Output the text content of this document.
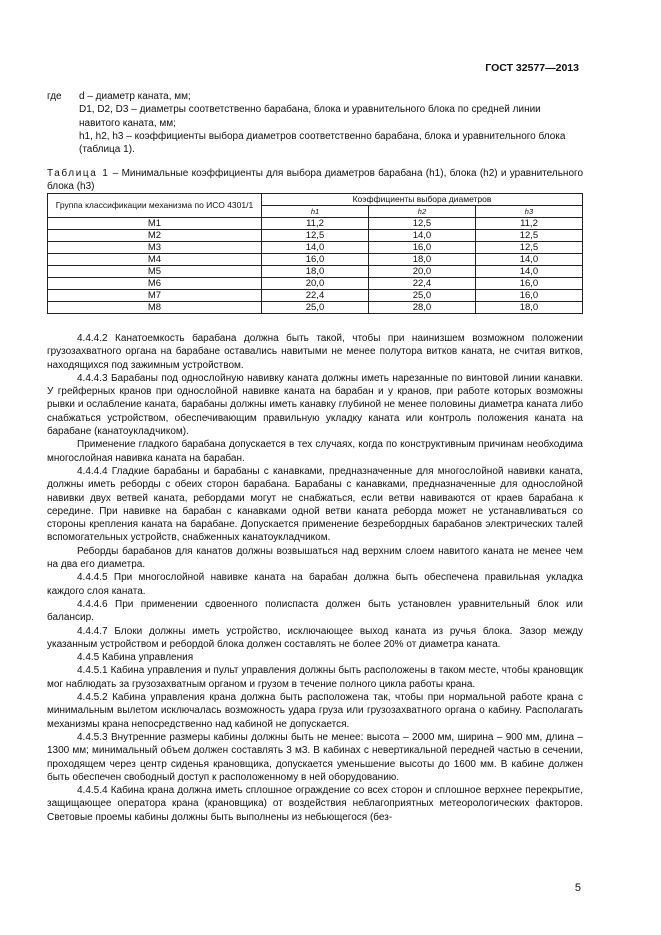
ГОСТ 32577—2013
где	d – диаметр каната, мм;
D1, D2, D3 – диаметры соответственно барабана, блока и уравнительного блока по средней линии навитого каната, мм;
h1, h2, h3 – коэффициенты выбора диаметров соответственно барабана, блока и уравнительного блока (таблица 1).
Таблица 1 – Минимальные коэффициенты для выбора диаметров барабана (h1), блока (h2) и уравнительного блока (h3)
Группа классификации механизма по ИСО 4301/1	Коэффициенты выбора диаметров		
	h1	h2	h3
M1	11,2	12,5	11,2
M2	12,5	14,0	12,5
M3	14,0	16,0	12,5
M4	16,0	18,0	14,0
M5	18,0	20,0	14,0
M6	20,0	22,4	16,0
M7	22,4	25,0	16,0
M8	25,0	28,0	18,0
4.4.4.2 Канатоемкость барабана должна быть такой, чтобы при наинизшем возможном положении грузозахватного органа на барабане оставались навитыми не менее полутора витков каната, не считая витков, находящихся под зажимным устройством.
4.4.4.3 Барабаны под однослойную навивку каната должны иметь нарезанные по винтовой линии канавки. У грейферных кранов при однослойной навивке каната на барабан и у кранов, при работе которых возможны рывки и ослабление каната, барабаны должны иметь канавку глубиной не менее половины диаметра каната либо снабжаться устройством, обеспечивающим правильную укладку каната или контроль положения каната на барабане (канатоукладчиком).
Применение гладкого барабана допускается в тех случаях, когда по конструктивным причинам необходима многослойная навивка каната на барабан.
4.4.4.4 Гладкие барабаны и барабаны с канавками, предназначенные для многослойной навивки каната, должны иметь реборды с обеих сторон барабана. Барабаны с канавками, предназначенные для однослойной навивки двух ветвей каната, ребордами могут не снабжаться, если ветви навиваются от краев барабана к середине. При навивке на барабан с канавками одной ветви каната реборда может не устанавливаться со стороны крепления каната на барабане. Допускается применение безребордных барабанов электрических талей вспомогательных устройств, снабженных канатоукладчиком.
Реборды барабанов для канатов должны возвышаться над верхним слоем навитого каната не менее чем на два его диаметра.
4.4.4.5 При многослойной навивке каната на барабан должна быть обеспечена правильная укладка каждого слоя каната.
4.4.4.6 При применении сдвоенного полиспаста должен быть установлен уравнительный блок или балансир.
4.4.4.7 Блоки должны иметь устройство, исключающее выход каната из ручья блока. Зазор между указанным устройством и ребордой блока должен составлять не более 20% от диаметра каната.
4.4.5 Кабина управления
4.4.5.1 Кабина управления и пульт управления должны быть расположены в таком месте, чтобы крановщик мог наблюдать за грузозахватным органом и грузом в течение полного цикла работы крана.
4.4.5.2 Кабина управления крана должна быть расположена так, чтобы при нормальной работе крана с минимальным вылетом исключалась возможность удара груза или грузозахватного органа о кабину. Располагать механизмы крана непосредственно над кабиной не допускается.
4.4.5.3 Внутренние размеры кабины должны быть не менее: высота – 2000 мм, ширина – 900 мм, длина – 1300 мм; минимальный объем должен составлять 3 м3. В кабинах с невертикальной передней частью в сечении, проходящем через центр сиденья крановщика, допускается уменьшение высоты до 1600 мм. В кабине должен быть обеспечен свободный доступ к расположенному в ней оборудованию.
4.4.5.4 Кабина крана должна иметь сплошное ограждение со всех сторон и сплошное верхнее перекрытие, защищающее оператора крана (крановщика) от воздействия неблагоприятных метеорологических факторов. Световые проемы кабины должны быть выполнены из небьющегося (без-
5
